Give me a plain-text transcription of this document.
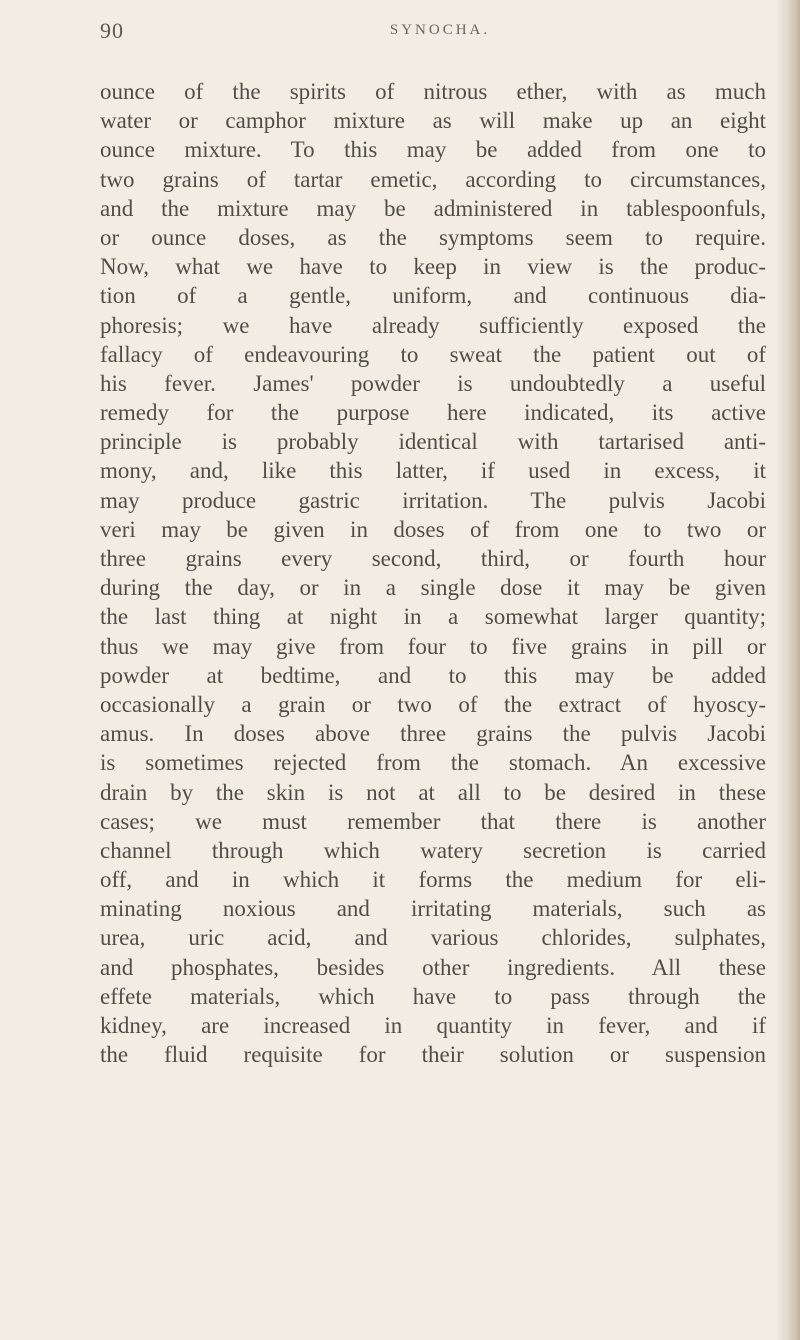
90	SYNOCHA.
ounce of the spirits of nitrous ether, with as much
water or camphor mixture as will make up an eight
ounce mixture. To this may be added from one to
two grains of tartar emetic, according to circumstances,
and the mixture may be administered in tablespoonfuls,
or ounce doses, as the symptoms seem to require.
Now, what we have to keep in view is the produc-
tion of a gentle, uniform, and continuous dia-
phoresis; we have already sufficiently exposed the
fallacy of endeavouring to sweat the patient out of
his fever. James' powder is undoubtedly a useful
remedy for the purpose here indicated, its active
principle is probably identical with tartarised anti-
mony, and, like this latter, if used in excess, it
may produce gastric irritation. The pulvis Jacobi
veri may be given in doses of from one to two or
three grains every second, third, or fourth hour
during the day, or in a single dose it may be given
the last thing at night in a somewhat larger quantity;
thus we may give from four to five grains in pill or
powder at bedtime, and to this may be added
occasionally a grain or two of the extract of hyoscy-
amus. In doses above three grains the pulvis Jacobi
is sometimes rejected from the stomach. An excessive
drain by the skin is not at all to be desired in these
cases; we must remember that there is another
channel through which watery secretion is carried
off, and in which it forms the medium for eli-
minating noxious and irritating materials, such as
urea, uric acid, and various chlorides, sulphates,
and phosphates, besides other ingredients. All these
effete materials, which have to pass through the
kidney, are increased in quantity in fever, and if
the fluid requisite for their solution or suspension
